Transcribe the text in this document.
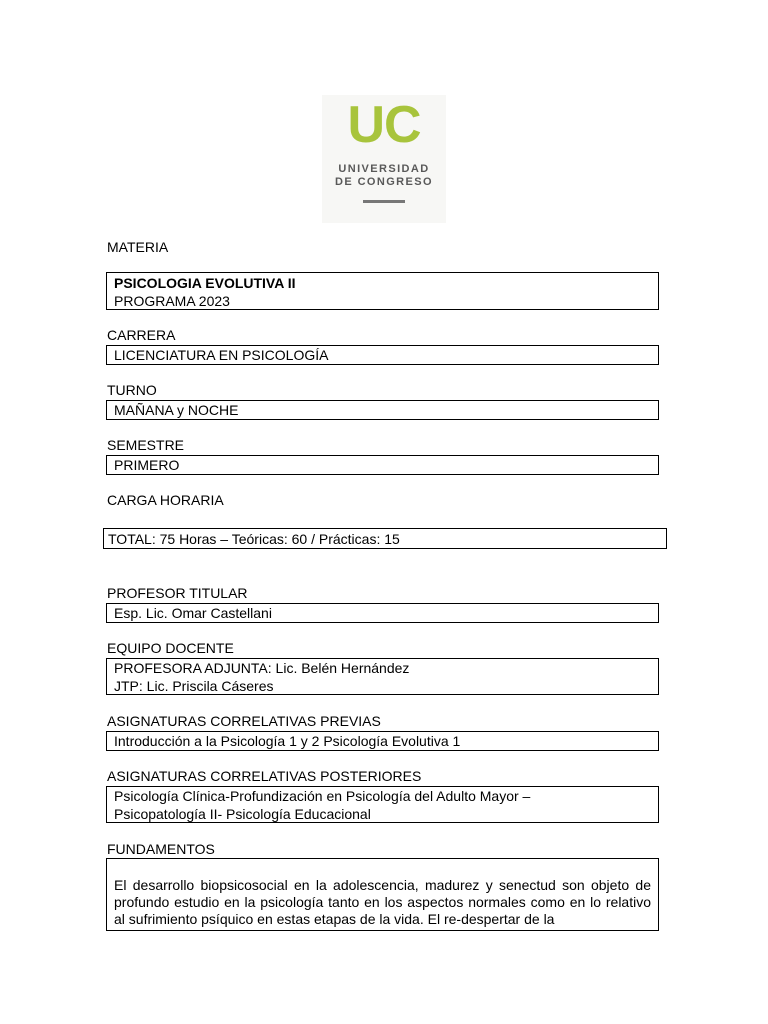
UC
UNIVERSIDAD
DE CONGRESO
MATERIA
PSICOLOGIA EVOLUTIVA II
PROGRAMA 2023
CARRERA
LICENCIATURA EN PSICOLOGÍA
TURNO
MAÑANA y NOCHE
SEMESTRE
PRIMERO
CARGA HORARIA
TOTAL: 75 Horas – Teóricas: 60 / Prácticas: 15
PROFESOR TITULAR
Esp. Lic. Omar Castellani
EQUIPO DOCENTE
PROFESORA ADJUNTA: Lic. Belén Hernández
JTP: Lic. Priscila Cáseres
ASIGNATURAS CORRELATIVAS PREVIAS
Introducción a la Psicología 1 y 2 Psicología Evolutiva 1
ASIGNATURAS CORRELATIVAS POSTERIORES
Psicología Clínica-Profundización en Psicología del Adulto Mayor –
Psicopatología II- Psicología Educacional
FUNDAMENTOS
El desarrollo biopsicosocial en la adolescencia, madurez y senectud son objeto de profundo estudio en la psicología tanto en los aspectos normales como en lo relativo al sufrimiento psíquico en estas etapas de la vida. El re-despertar de la
